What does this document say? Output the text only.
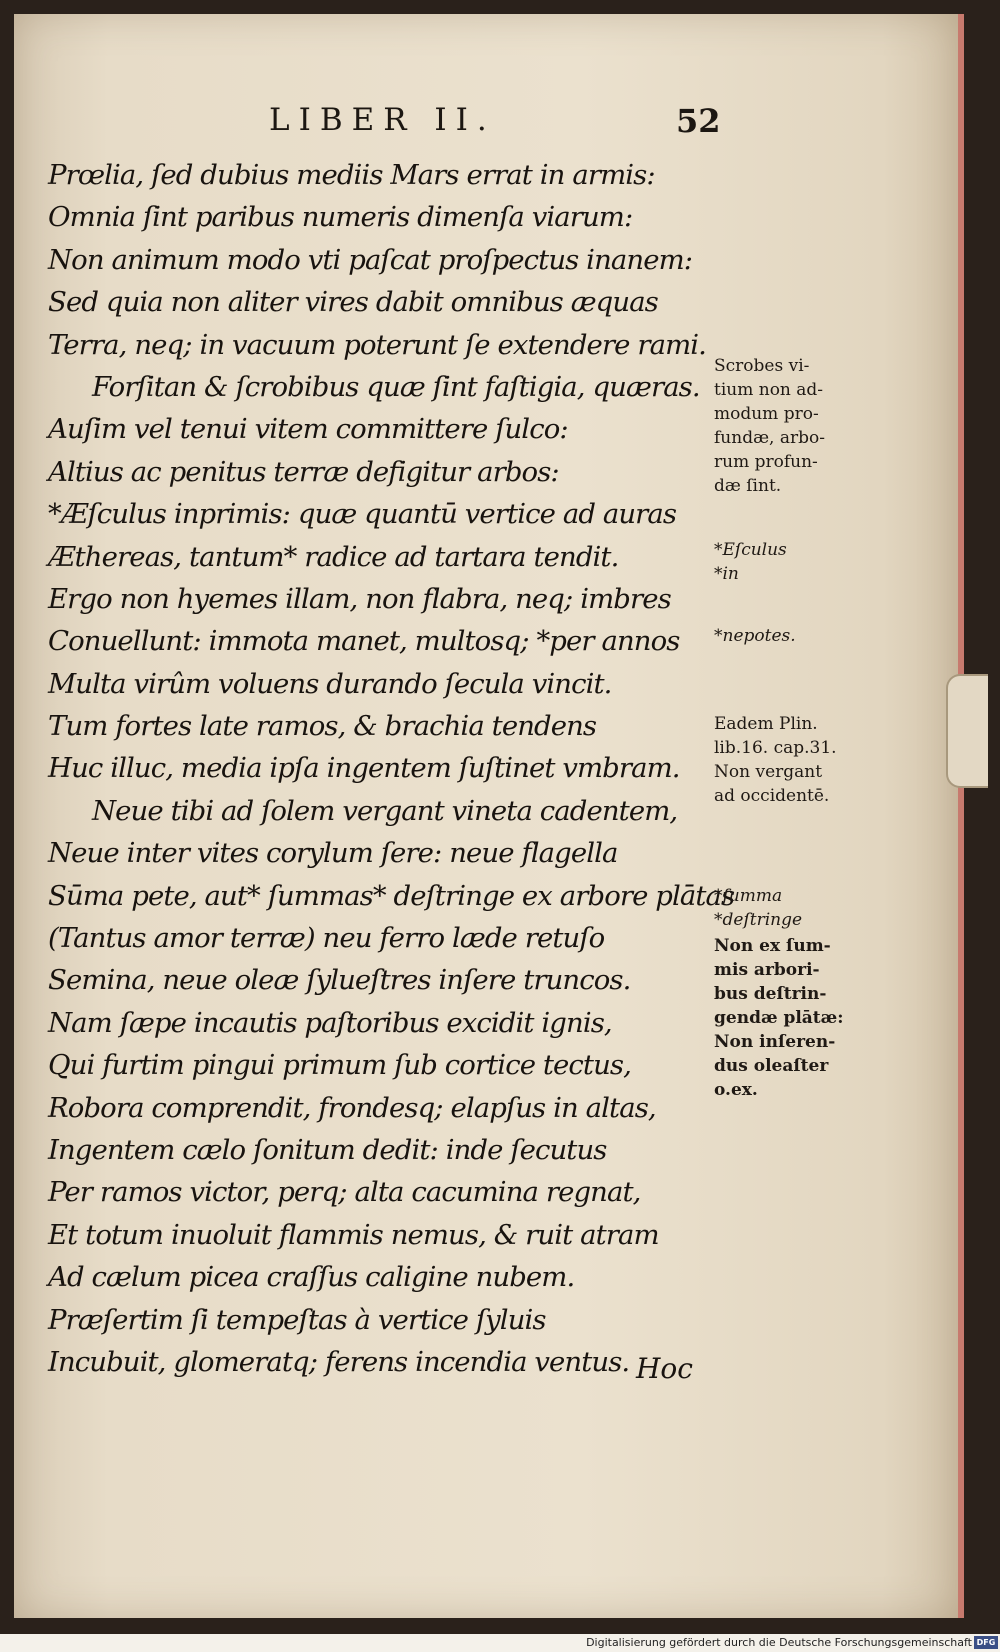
LIBER II.	52
Prœlia, ſed dubius mediis Mars errat in armis:
Omnia ſint paribus numeris dimenſa viarum:
Non animum modo vti paſcat proſpectus inanem:
Sed quia non aliter vires dabit omnibus æquas
Terra, neq; in vacuum poterunt ſe extendere rami.
Forſitan & ſcrobibus quæ ſint faſtigia, quæras.
Auſim vel tenui vitem committere ſulco:
Altius ac penitus terræ defigitur arbos:
*Æſculus inprimis: quæ quantū vertice ad auras
Æthereas, tantum* radice ad tartara tendit.
Ergo non hyemes illam, non flabra, neq; imbres
Conuellunt: immota manet, multosq; *per annos
Multa virûm voluens durando ſecula vincit.
Tum fortes late ramos, & brachia tendens
Huc illuc, media ipſa ingentem ſuſtinet vmbram.
Neue tibi ad ſolem vergant vineta cadentem,
Neue inter vites corylum ſere: neue flagella
Sūma pete, aut* ſummas* deſtringe ex arbore plātas
(Tantus amor terræ) neu ferro læde retuſo
Semina, neue oleæ ſylueſtres inſere truncos.
Nam ſæpe incautis paſtoribus excidit ignis,
Qui furtim pingui primum ſub cortice tectus,
Robora comprendit, frondesq; elapſus in altas,
Ingentem cælo ſonitum dedit: inde ſecutus
Per ramos victor, perq; alta cacumina regnat,
Et totum inuoluit flammis nemus, & ruit atram
Ad cælum picea craſſus caligine nubem.
Præſertim ſi tempeſtas à vertice ſyluis
Incubuit, glomeratq; ferens incendia ventus. Hoc

Scrobes vi-
tium non ad-
modum pro-
fundæ, arbo-
rum profun-
dæ ſint.

*Eſculus
*in

*nepotes.

Eadem Plin.
lib.16. cap.31.
Non vergant
ad occidentē.

*ſumma
*deſtringe

Non ex ſum-
mis arbori-
bus deſtrin-
gendæ plātæ:
Non inſeren-
dus oleaſter
o.ex.

Digitalisierung gefördert durch die Deutsche Forschungsgemeinschaft DFG
